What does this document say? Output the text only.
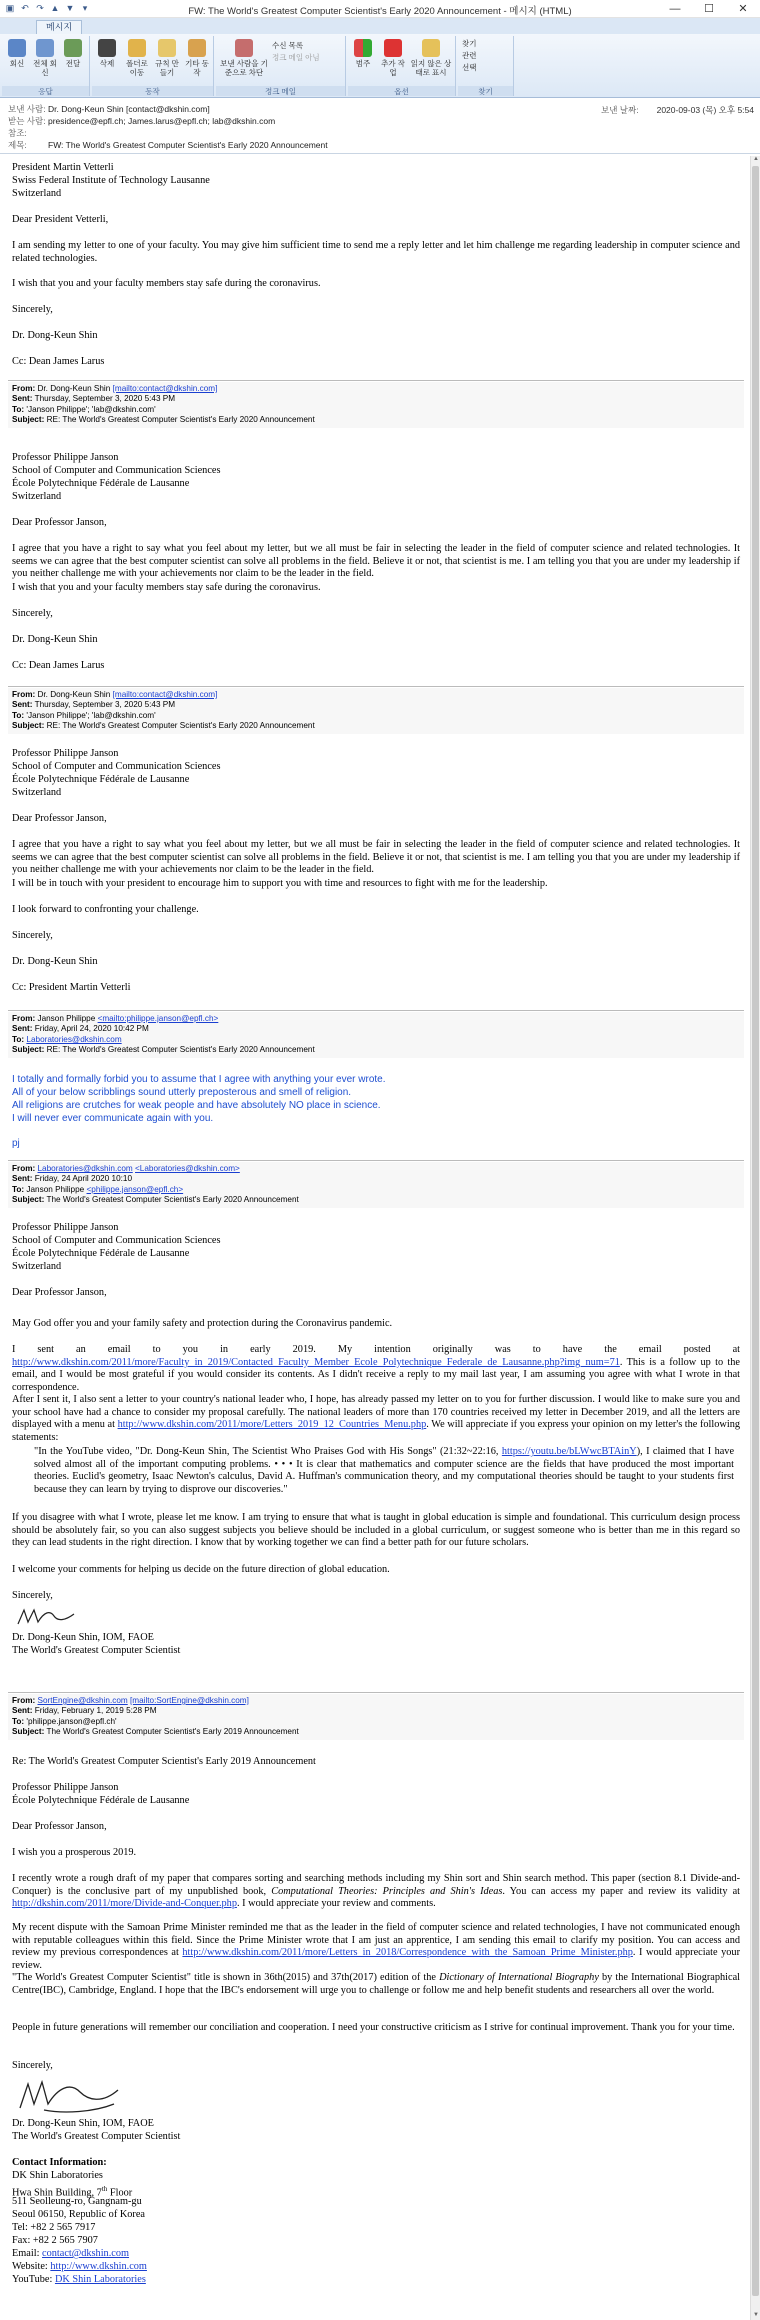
▣ ↶ ↷ ▲ ▼ ▾	FW: The World's Greatest Computer Scientist's Early 2020 Announcement - 메시지 (HTML)	—	☐	✕
메시지
회신	전체 회신
전달
응답
삭제	폴더로 이동
규칙 만들기
기타 동작
동작
보낸 사람을 기준으로 차단
수신 목록
정크 메일 아님
정크 메일
범주	추가 작업
읽지 않은 상태로 표시
옵션
찾기
관련
선택
찾기
보낸 사람: Dr. Dong-Keun Shin [contact@dkshin.com]
받는 사람: presidence@epfl.ch; James.larus@epfl.ch; lab@dkshin.com
참조:
제목: FW: The World's Greatest Computer Scientist's Early 2020 Announcement
보낸 날짜: 2020-09-03 (목) 오후 5:54
▲
▼
President Martin Vetterli
Swiss Federal Institute of Technology Lausanne
Switzerland
Dear President Vetterli,
I am sending my letter to one of your faculty. You may give him sufficient time to send me a reply letter and let him challenge me regarding leadership in computer science and related technologies.
I wish that you and your faculty members stay safe during the coronavirus.
Sincerely,
Dr. Dong-Keun Shin
Cc: Dean James Larus
From: Dr. Dong-Keun Shin [mailto:contact@dkshin.com]
Sent: Thursday, September 3, 2020 5:43 PM
To: 'Janson Philippe'; 'lab@dkshin.com'
Subject: RE: The World's Greatest Computer Scientist's Early 2020 Announcement
Professor Philippe Janson
School of Computer and Communication Sciences
École Polytechnique Fédérale de Lausanne
Switzerland
Dear Professor Janson,
I agree that you have a right to say what you feel about my letter, but we all must be fair in selecting the leader in the field of computer science and related technologies. It seems we can agree that the best computer scientist can solve all problems in the field. Believe it or not, that scientist is me. I am telling you that you are under my leadership if you neither challenge me with your achievements nor claim to be the leader in the field.
I wish that you and your faculty members stay safe during the coronavirus.
Sincerely,
Dr. Dong-Keun Shin
Cc: Dean James Larus
From: Dr. Dong-Keun Shin [mailto:contact@dkshin.com]
Sent: Thursday, September 3, 2020 5:43 PM
To: 'Janson Philippe'; 'lab@dkshin.com'
Subject: RE: The World's Greatest Computer Scientist's Early 2020 Announcement
Professor Philippe Janson
School of Computer and Communication Sciences
École Polytechnique Fédérale de Lausanne
Switzerland
Dear Professor Janson,
I agree that you have a right to say what you feel about my letter, but we all must be fair in selecting the leader in the field of computer science and related technologies. It seems we can agree that the best computer scientist can solve all problems in the field. Believe it or not, that scientist is me. I am telling you that you are under my leadership if you neither challenge me with your achievements nor claim to be the leader in the field.
I will be in touch with your president to encourage him to support you with time and resources to fight with me for the leadership.
I look forward to confronting your challenge.
Sincerely,
Dr. Dong-Keun Shin
Cc: President Martin Vetterli
From: Janson Philippe <mailto:philippe.janson@epfl.ch>
Sent: Friday, April 24, 2020 10:42 PM
To: Laboratories@dkshin.com
Subject: RE: The World's Greatest Computer Scientist's Early 2020 Announcement
I totally and formally forbid you to assume that I agree with anything your ever wrote.
All of your below scribblings sound utterly preposterous and smell of religion.
All religions are crutches for weak people and have absolutely NO place in science.
I will never ever communicate again with you.
pj
From: Laboratories@dkshin.com <Laboratories@dkshin.com>
Sent: Friday, 24 April 2020 10:10
To: Janson Philippe <philippe.janson@epfl.ch>
Subject: The World's Greatest Computer Scientist's Early 2020 Announcement
Professor Philippe Janson
School of Computer and Communication Sciences
École Polytechnique Fédérale de Lausanne
Switzerland
Dear Professor Janson,
May God offer you and your family safety and protection during the Coronavirus pandemic.
I sent an email to you in early 2019. My intention originally was to have the email posted at http://www.dkshin.com/2011/more/Faculty_in_2019/Contacted_Faculty_Member_Ecole_Polytechnique_Federale_de_Lausanne.php?img_num=71. This is a follow up to the email, and I would be most grateful if you would consider its contents. As I didn't receive a reply to my mail last year, I am assuming you agree with what I wrote in that correspondence.
After I sent it, I also sent a letter to your country's national leader who, I hope, has already passed my letter on to you for further discussion. I would like to make sure you and your school have had a chance to consider my proposal carefully. The national leaders of more than 170 countries received my letter in December 2019, and all the letters are displayed with a menu at http://www.dkshin.com/2011/more/Letters_2019_12_Countries_Menu.php. We will appreciate if you express your opinion on my letter's the following statements:
"In the YouTube video, "Dr. Dong-Keun Shin, The Scientist Who Praises God with His Songs" (21:32~22:16, https://youtu.be/bLWwcBTAinY), I claimed that I have solved almost all of the important computing problems. • • • It is clear that mathematics and computer science are the fields that have produced the most important theories. Euclid's geometry, Isaac Newton's calculus, David A. Huffman's communication theory, and my computational theories should be taught to your students first because they can learn by trying to disprove our discoveries."
If you disagree with what I wrote, please let me know. I am trying to ensure that what is taught in global education is simple and foundational. This curriculum design process should be absolutely fair, so you can also suggest subjects you believe should be included in a global curriculum, or suggest someone who is better than me in this regard so they can lead students in the right direction. I know that by working together we can find a better path for our future scholars.
I welcome your comments for helping us decide on the future direction of global education.
Sincerely,
Dr. Dong-Keun Shin, IOM, FAOE
The World's Greatest Computer Scientist
From: SortEngine@dkshin.com [mailto:SortEngine@dkshin.com]
Sent: Friday, February 1, 2019 5:28 PM
To: 'philippe.janson@epfl.ch'
Subject: The World's Greatest Computer Scientist's Early 2019 Announcement
Re: The World's Greatest Computer Scientist's Early 2019 Announcement
Professor Philippe Janson
École Polytechnique Fédérale de Lausanne
Dear Professor Janson,
I wish you a prosperous 2019.
I recently wrote a rough draft of my paper that compares sorting and searching methods including my Shin sort and Shin search method. This paper (section 8.1 Divide-and-Conquer) is the conclusive part of my unpublished book, Computational Theories: Principles and Shin's Ideas. You can access my paper and review its validity at http://dkshin.com/2011/more/Divide-and-Conquer.php. I would appreciate your review and comments.
My recent dispute with the Samoan Prime Minister reminded me that as the leader in the field of computer science and related technologies, I have not communicated enough with reputable colleagues within this field. Since the Prime Minister wrote that I am just an apprentice, I am sending this email to clarify my position. You can access and review my previous correspondences at http://www.dkshin.com/2011/more/Letters_in_2018/Correspondence_with_the_Samoan_Prime_Minister.php. I would appreciate your review.
"The World's Greatest Computer Scientist" title is shown in 36th(2015) and 37th(2017) edition of the Dictionary of International Biography by the International Biographical Centre(IBC), Cambridge, England. I hope that the IBC's endorsement will urge you to challenge or follow me and help benefit students and researchers all over the world.
People in future generations will remember our conciliation and cooperation. I need your constructive criticism as I strive for continual improvement. Thank you for your time.
Sincerely,
Dr. Dong-Keun Shin, IOM, FAOE
The World's Greatest Computer Scientist
Contact Information:
DK Shin Laboratories
Hwa Shin Building, 7th Floor
511 Seolleung-ro, Gangnam-gu
Seoul 06150, Republic of Korea
Tel: +82 2 565 7917
Fax: +82 2 565 7907
Email: contact@dkshin.com
Website: http://www.dkshin.com
YouTube: DK Shin Laboratories
